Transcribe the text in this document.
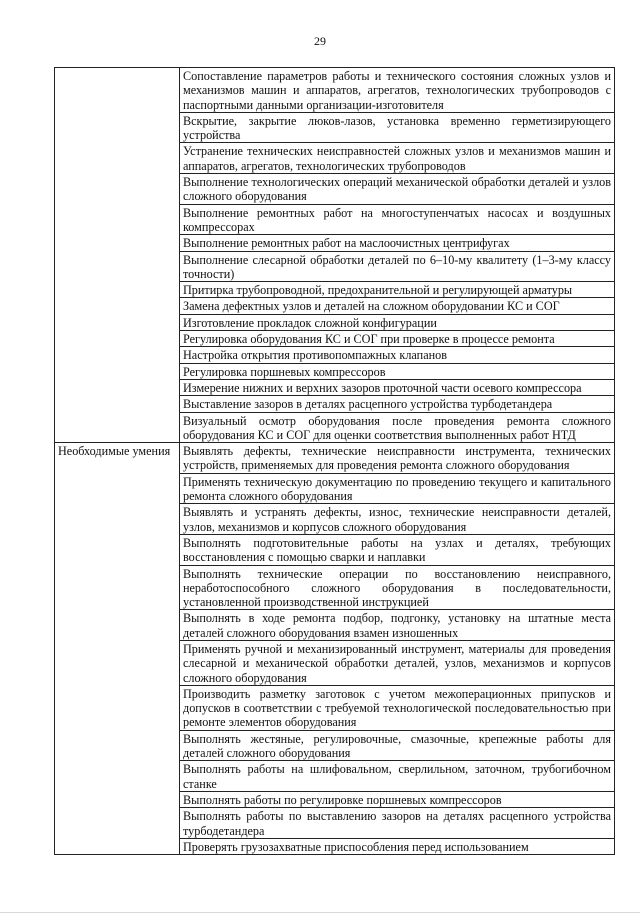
29
	Сопоставление параметров работы и технического состояния сложных узлов и механизмов машин и аппаратов, агрегатов, технологических трубопроводов с паспортными данными организации-изготовителя
	Вскрытие, закрытие люков-лазов, установка временно герметизирующего устройства
	Устранение технических неисправностей сложных узлов и механизмов машин и аппаратов, агрегатов, технологических трубопроводов
	Выполнение технологических операций механической обработки деталей и узлов сложного оборудования
	Выполнение ремонтных работ на многоступенчатых насосах и воздушных компрессорах
	Выполнение ремонтных работ на маслоочистных центрифугах
	Выполнение слесарной обработки деталей по 6–10-му квалитету (1–3-му классу точности)
	Притирка трубопроводной, предохранительной и регулирующей арматуры
	Замена дефектных узлов и деталей на сложном оборудовании КС и СОГ
	Изготовление прокладок сложной конфигурации
	Регулировка оборудования КС и СОГ при проверке в процессе ремонта
	Настройка открытия противопомпажных клапанов
	Регулировка поршневых компрессоров
	Измерение нижних и верхних зазоров проточной части осевого компрессора
	Выставление зазоров в деталях расцепного устройства турбодетандера
	Визуальный осмотр оборудования после проведения ремонта сложного оборудования КС и СОГ для оценки соответствия выполненных работ НТД
Необходимые умения	Выявлять дефекты, технические неисправности инструмента, технических устройств, применяемых для проведения ремонта сложного оборудования
	Применять техническую документацию по проведению текущего и капитального ремонта сложного оборудования
	Выявлять и устранять дефекты, износ, технические неисправности деталей, узлов, механизмов и корпусов сложного оборудования
	Выполнять подготовительные работы на узлах и деталях, требующих восстановления с помощью сварки и наплавки
	Выполнять технические операции по восстановлению неисправного, неработоспособного сложного оборудования в последовательности, установленной производственной инструкцией
	Выполнять в ходе ремонта подбор, подгонку, установку на штатные места деталей сложного оборудования взамен изношенных
	Применять ручной и механизированный инструмент, материалы для проведения слесарной и механической обработки деталей, узлов, механизмов и корпусов сложного оборудования
	Производить разметку заготовок с учетом межоперационных припусков и допусков в соответствии с требуемой технологической последовательностью при ремонте элементов оборудования
	Выполнять жестяные, регулировочные, смазочные, крепежные работы для деталей сложного оборудования
	Выполнять работы на шлифовальном, сверлильном, заточном, трубогибочном станке
	Выполнять работы по регулировке поршневых компрессоров
	Выполнять работы по выставлению зазоров на деталях расцепного устройства турбодетандера
	Проверять грузозахватные приспособления перед использованием
